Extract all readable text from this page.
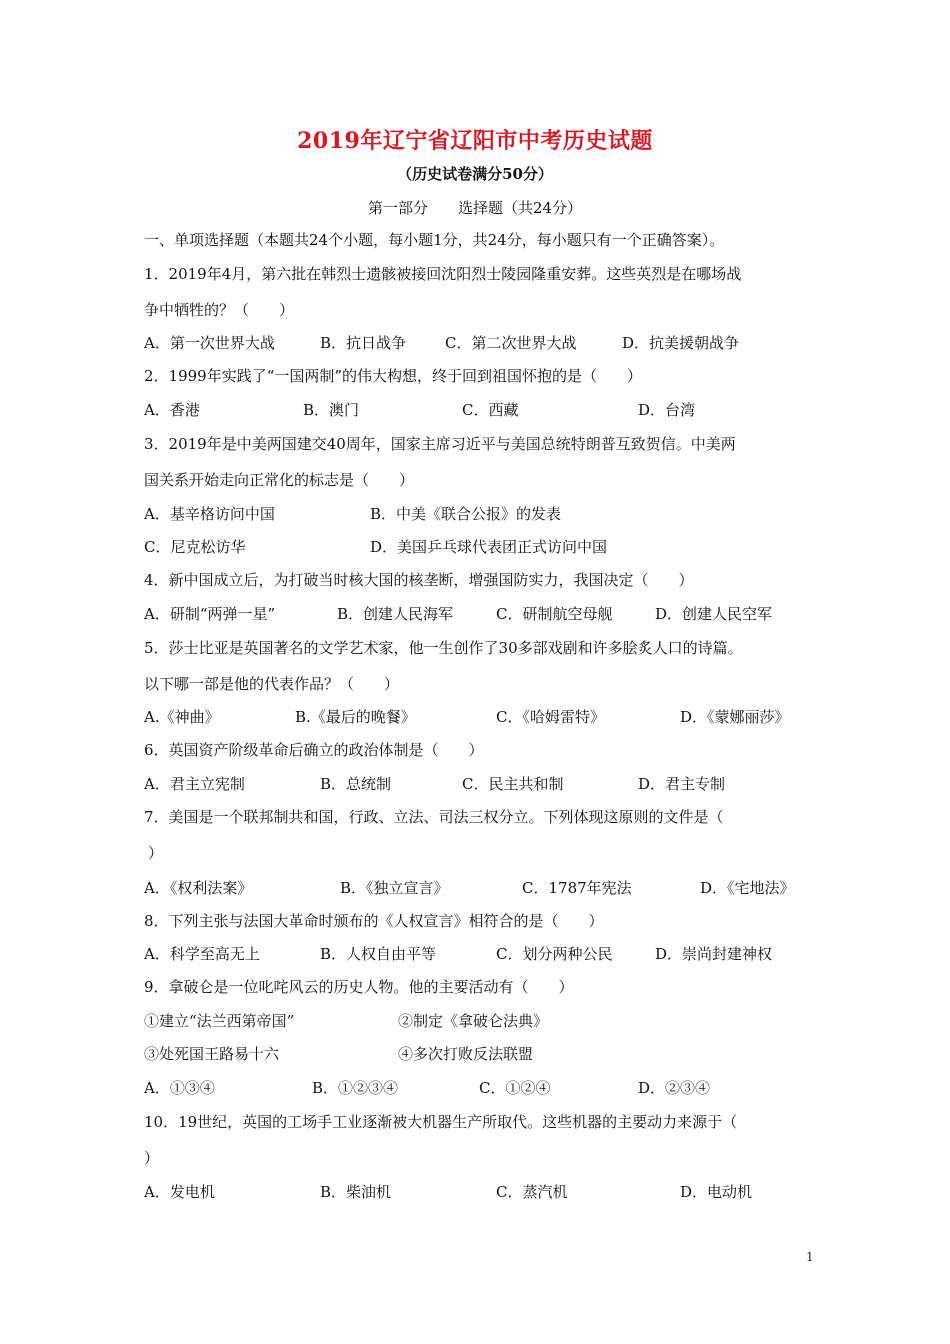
2019年辽宁省辽阳市中考历史试题
（历史试卷满分50分）
第一部分 选择题（共24分）
一、单项选择题（本题共24个小题，每小题1分，共24分，每小题只有一个正确答案）。
1．2019年4月，第六批在韩烈士遗骸被接回沈阳烈士陵园隆重安葬。这些英烈是在哪场战
争中牺牲的？（　　）
A．第一次世界大战	B．抗日战争	C．第二次世界大战	D．抗美援朝战争
2．1999年实践了“一国两制”的伟大构想，终于回到祖国怀抱的是（　　）
A．香港	B．澳门	C．西藏	D．台湾
3．2019年是中美两国建交40周年，国家主席习近平与美国总统特朗普互致贺信。中美两
国关系开始走向正常化的标志是（　　）
A．基辛格访问中国	B．中美《联合公报》的发表
C．尼克松访华	D．美国乒乓球代表团正式访问中国
4．新中国成立后，为打破当时核大国的核垄断，增强国防实力，我国决定（　　）
A．研制“两弹一星”	B．创建人民海军	C．研制航空母舰	D．创建人民空军
5．莎士比亚是英国著名的文学艺术家，他一生创作了30多部戏剧和许多脍炙人口的诗篇。
以下哪一部是他的代表作品？（　　）
A.《神曲》	B.《最后的晚餐》	C．《哈姆雷特》	D．《蒙娜丽莎》
6．英国资产阶级革命后确立的政治体制是（　　）
A．君主立宪制	B．总统制	C．民主共和制	D．君主专制
7．美国是一个联邦制共和国，行政、立法、司法三权分立。下列体现这原则的文件是（
）
A．《权利法案》	B．《独立宣言》	C．1787年宪法	D．《宅地法》
8．下列主张与法国大革命时颁布的《人权宣言》相符合的是（　　）
A．科学至高无上	B．人权自由平等	C．划分两种公民	D．崇尚封建神权
9．拿破仑是一位叱咤风云的历史人物。他的主要活动有（　　）
①建立“法兰西第帝国”	②制定《拿破仑法典》
③处死国王路易十六	④多次打败反法联盟
A．①③④	B．①②③④	C．①②④	D．②③④
10．19世纪，英国的工场手工业逐渐被大机器生产所取代。这些机器的主要动力来源于（
）
A．发电机	B．柴油机	C．蒸汽机	D．电动机
1
